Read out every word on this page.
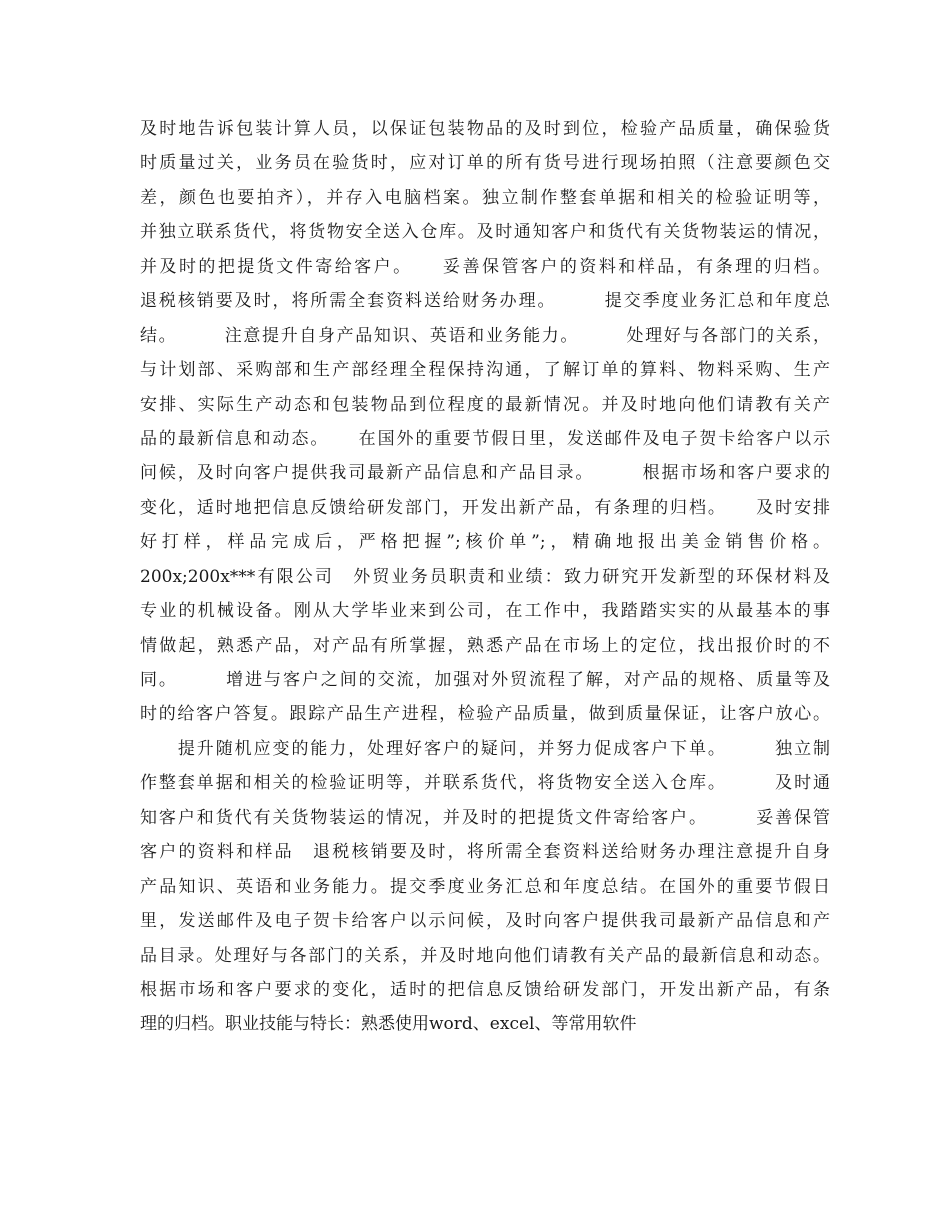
及时地告诉包装计算人员，以保证包装物品的及时到位，检验产品质量，确保验货
时质量过关，业务员在验货时，应对订单的所有货号进行现场拍照（注意要颜色交
差，颜色也要拍齐），并存入电脑档案。独立制作整套单据和相关的检验证明等，
并独立联系货代，将货物安全送入仓库。及时通知客户和货代有关货物装运的情况，
并及时的把提货文件寄给客户。　　妥善保管客户的资料和样品，有条理的归档。
退税核销要及时，将所需全套资料送给财务办理。　　　提交季度业务汇总和年度总
结。　　　注意提升自身产品知识、英语和业务能力。　　　处理好与各部门的关系，
与计划部、采购部和生产部经理全程保持沟通，了解订单的算料、物料采购、生产
安排、实际生产动态和包装物品到位程度的最新情况。并及时地向他们请教有关产
品的最新信息和动态。　　在国外的重要节假日里，发送邮件及电子贺卡给客户以示
问候，及时向客户提供我司最新产品信息和产品目录。　　　根据市场和客户要求的
变化，适时地把信息反馈给研发部门，开发出新产品，有条理的归档。　　及时安排
好打样，样品完成后，严格把握”;核价单”;，精确地报出美金销售价格。
200x;200x***有限公司　外贸业务员职责和业绩：致力研究开发新型的环保材料及
专业的机械设备。刚从大学毕业来到公司，在工作中，我踏踏实实的从最基本的事
情做起，熟悉产品，对产品有所掌握，熟悉产品在市场上的定位，找出报价时的不
同。　　　增进与客户之间的交流，加强对外贸流程了解，对产品的规格、质量等及
时的给客户答复。跟踪产品生产进程，检验产品质量，做到质量保证，让客户放心。
　　提升随机应变的能力，处理好客户的疑问，并努力促成客户下单。　　　独立制
作整套单据和相关的检验证明等，并联系货代，将货物安全送入仓库。　　　及时通
知客户和货代有关货物装运的情况，并及时的把提货文件寄给客户。　　　妥善保管
客户的资料和样品　退税核销要及时，将所需全套资料送给财务办理注意提升自身
产品知识、英语和业务能力。提交季度业务汇总和年度总结。在国外的重要节假日
里，发送邮件及电子贺卡给客户以示问候，及时向客户提供我司最新产品信息和产
品目录。处理好与各部门的关系，并及时地向他们请教有关产品的最新信息和动态。
根据市场和客户要求的变化，适时的把信息反馈给研发部门，开发出新产品，有条
理的归档。职业技能与特长：熟悉使用word、excel、等常用软件
